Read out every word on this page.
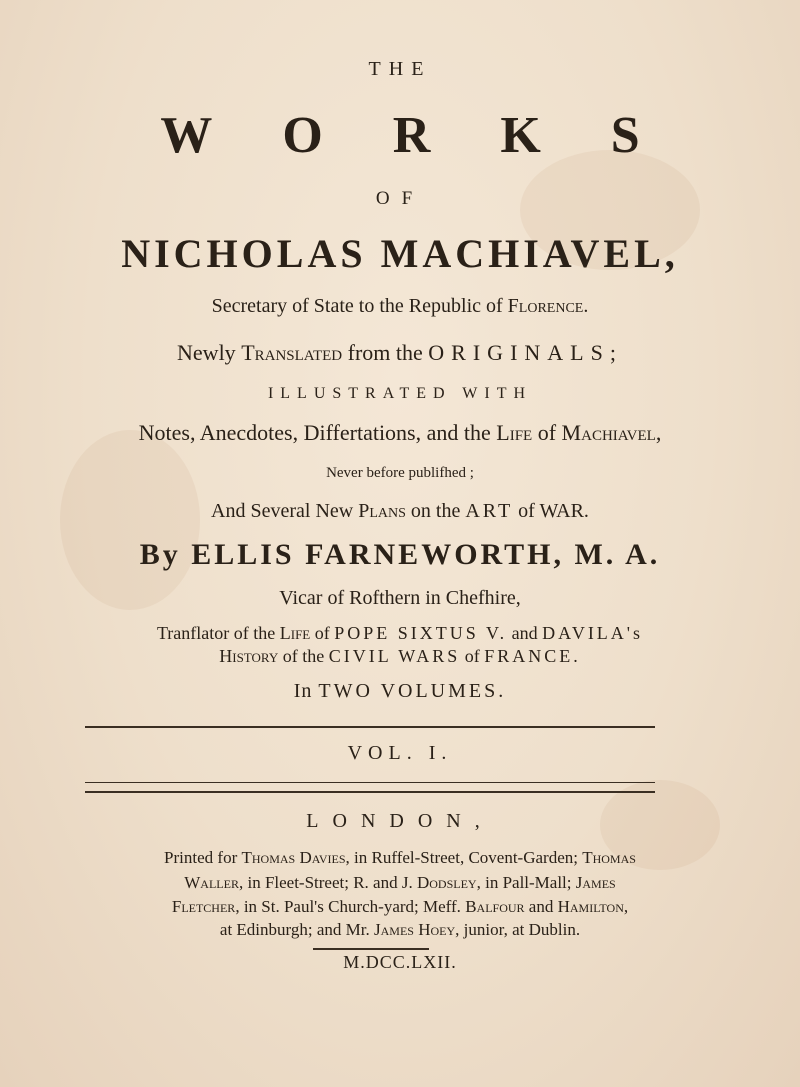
THE
WORKS
OF
NICHOLAS MACHIAVEL,
Secretary of State to the Republic of Florence.
Newly Translated from the ORIGINALS;
ILLUSTRATED WITH
Notes, Anecdotes, Differtations, and the Life of Machiavel,
Never before publifhed ;
And Several New Plans on the ART of WAR.
By ELLIS FARNEWORTH, M. A.
Vicar of Rofthern in Chefhire,
Tranflator of the Life of POPE SIXTUS V. and DAVILA's
History of the CIVIL WARS of FRANCE.
In TWO VOLUMES.
VOL. I.
LONDON,
Printed for Thomas Davies, in Ruffel-Street, Covent-Garden; Thomas
Waller, in Fleet-Street; R. and J. Dodsley, in Pall-Mall; James
Fletcher, in St. Paul's Church-yard; Meff. Balfour and Hamilton,
at Edinburgh; and Mr. James Hoey, junior, at Dublin.
M.DCC.LXII.
